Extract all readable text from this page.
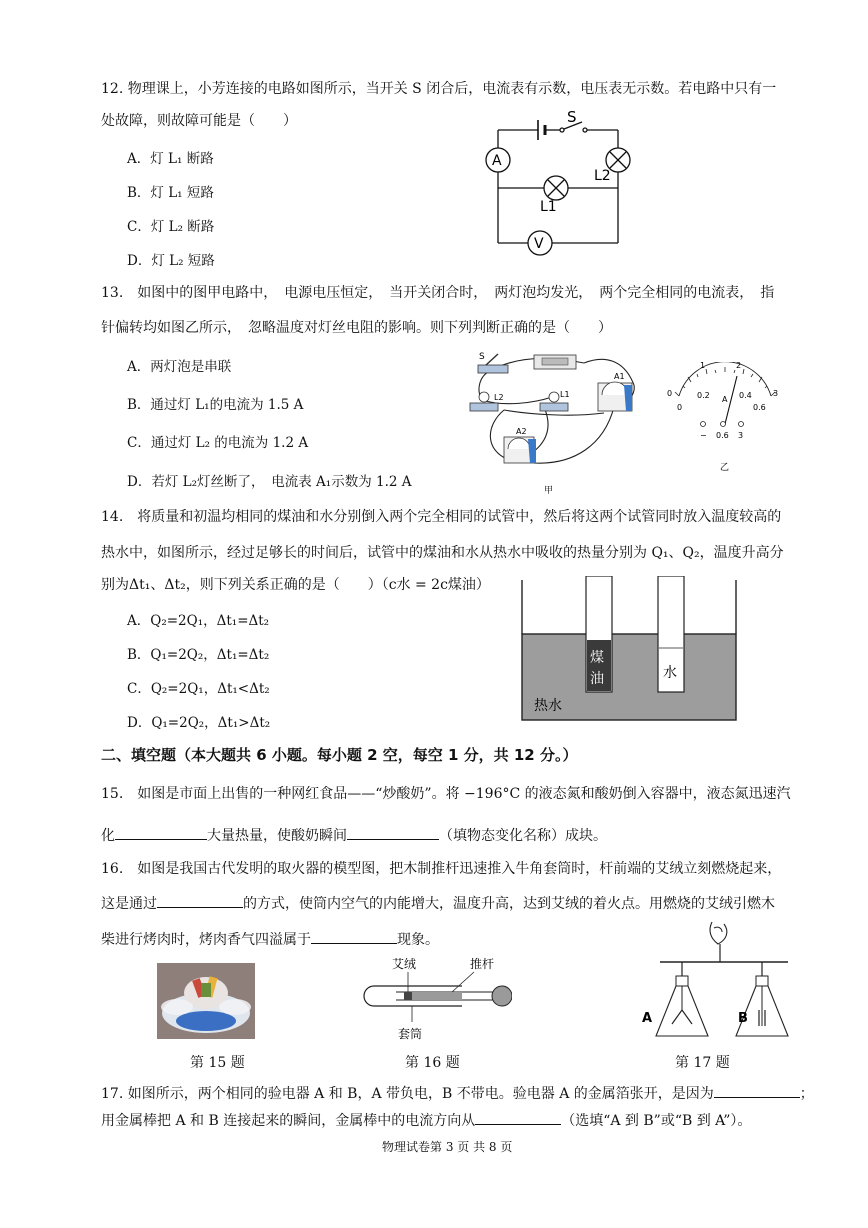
12. 物理课上，小芳连接的电路如图所示，当开关 S 闭合后，电流表有示数，电压表无示数。若电路中只有一
处故障，则故障可能是（　　）
A．灯 L₁ 断路
B．灯 L₁ 短路
C．灯 L₂ 断路
D．灯 L₂ 短路
S
A
V
L1
L2
13.　如图中的图甲电路中，　电源电压恒定，　当开关闭合时，　两灯泡均发光，　两个完全相同的电流表，　指
针偏转均如图乙所示，　忽略温度对灯丝电阻的影响。则下列判断正确的是（　　）
A．两灯泡是串联
B．通过灯 L₁的电流为 1.5 A
C．通过灯 L₂ 的电流为 1.2 A
D．若灯 L₂灯丝断了，　电流表 A₁示数为 1.2 A
S
L2	L1
A1
A2
甲
0
1	2
3
0
0.2	0.4
0.6
A
− 0.6 3
乙
14.　将质量和初温均相同的煤油和水分别倒入两个完全相同的试管中，然后将这两个试管同时放入温度较高的
热水中，如图所示，经过足够长的时间后，试管中的煤油和水从热水中吸收的热量分别为 Q₁、Q₂，温度升高分
别为Δt₁、Δt₂，则下列关系正确的是（　　）（c水 = 2c煤油）
A．Q₂=2Q₁，Δt₁=Δt₂
B．Q₁=2Q₂，Δt₁=Δt₂
C．Q₂=2Q₁，Δt₁<Δt₂
D．Q₁=2Q₂，Δt₁>Δt₂
煤
油	水
热水
二、填空题（本大题共 6 小题。每小题 2 空，每空 1 分，共 12 分。）
15.　如图是市面上出售的一种网红食品——“炒酸奶”。将 −196°C 的液态氮和酸奶倒入容器中，液态氮迅速汽
化	大量热量，使酸奶瞬间	（填物态变化名称）成块。
16.　如图是我国古代发明的取火器的模型图，把木制推杆迅速推入牛角套筒时，杆前端的艾绒立刻燃烧起来，
这是通过	的方式，使筒内空气的内能增大，温度升高，达到艾绒的着火点。用燃烧的艾绒引燃木
柴进行烤肉时，烤肉香气四溢属于	现象。
艾绒	推杆
套筒
A	B
第 15 题	第 16 题	第 17 题
17. 如图所示，两个相同的验电器 A 和 B，A 带负电，B 不带电。验电器 A 的金属箔张开，是因为	；
用金属棒把 A 和 B 连接起来的瞬间，金属棒中的电流方向从	（选填“A 到 B”或“B 到 A”）。
物理试卷第 3 页 共 8 页
